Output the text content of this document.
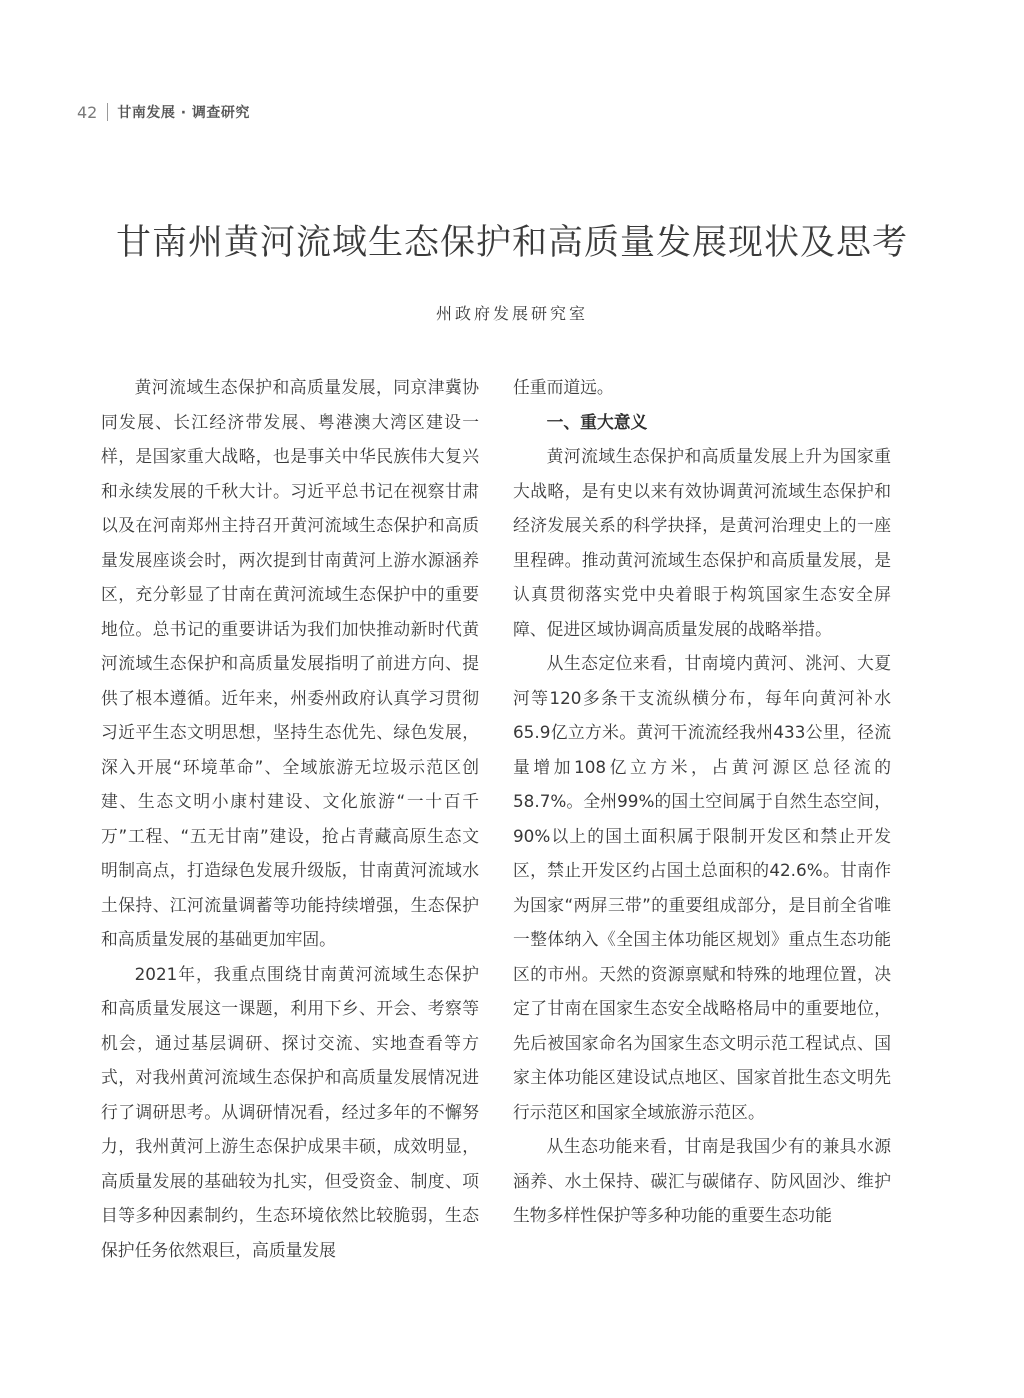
42 甘南发展 · 调查研究
甘南州黄河流域生态保护和高质量发展现状及思考
州政府发展研究室

黄河流域生态保护和高质量发展，同京津冀协同发展、长江经济带发展、粤港澳大湾区建设一样，是国家重大战略，也是事关中华民族伟大复兴和永续发展的千秋大计。习近平总书记在视察甘肃以及在河南郑州主持召开黄河流域生态保护和高质量发展座谈会时，两次提到甘南黄河上游水源涵养区，充分彰显了甘南在黄河流域生态保护中的重要地位。总书记的重要讲话为我们加快推动新时代黄河流域生态保护和高质量发展指明了前进方向、提供了根本遵循。近年来，州委州政府认真学习贯彻习近平生态文明思想，坚持生态优先、绿色发展，深入开展“环境革命”、全域旅游无垃圾示范区创建、生态文明小康村建设、文化旅游“一十百千万”工程、“五无甘南”建设，抢占青藏高原生态文明制高点，打造绿色发展升级版，甘南黄河流域水土保持、江河流量调蓄等功能持续增强，生态保护和高质量发展的基础更加牢固。

2021年，我重点围绕甘南黄河流域生态保护和高质量发展这一课题，利用下乡、开会、考察等机会，通过基层调研、探讨交流、实地查看等方式，对我州黄河流域生态保护和高质量发展情况进行了调研思考。从调研情况看，经过多年的不懈努力，我州黄河上游生态保护成果丰硕，成效明显，高质量发展的基础较为扎实，但受资金、制度、项目等多种因素制约，生态环境依然比较脆弱，生态保护任务依然艰巨，高质量发展

任重而道远。

一、重大意义

黄河流域生态保护和高质量发展上升为国家重大战略，是有史以来有效协调黄河流域生态保护和经济发展关系的科学抉择，是黄河治理史上的一座里程碑。推动黄河流域生态保护和高质量发展，是认真贯彻落实党中央着眼于构筑国家生态安全屏障、促进区域协调高质量发展的战略举措。

从生态定位来看，甘南境内黄河、洮河、大夏河等120多条干支流纵横分布，每年向黄河补水65.9亿立方米。黄河干流流经我州433公里，径流量增加108亿立方米，占黄河源区总径流的58.7%。全州99%的国土空间属于自然生态空间，90%以上的国土面积属于限制开发区和禁止开发区，禁止开发区约占国土总面积的42.6%。甘南作为国家“两屏三带”的重要组成部分，是目前全省唯一整体纳入《全国主体功能区规划》重点生态功能区的市州。天然的资源禀赋和特殊的地理位置，决定了甘南在国家生态安全战略格局中的重要地位，先后被国家命名为国家生态文明示范工程试点、国家主体功能区建设试点地区、国家首批生态文明先行示范区和国家全域旅游示范区。

从生态功能来看，甘南是我国少有的兼具水源涵养、水土保持、碳汇与碳储存、防风固沙、维护生物多样性保护等多种功能的重要生态功能
